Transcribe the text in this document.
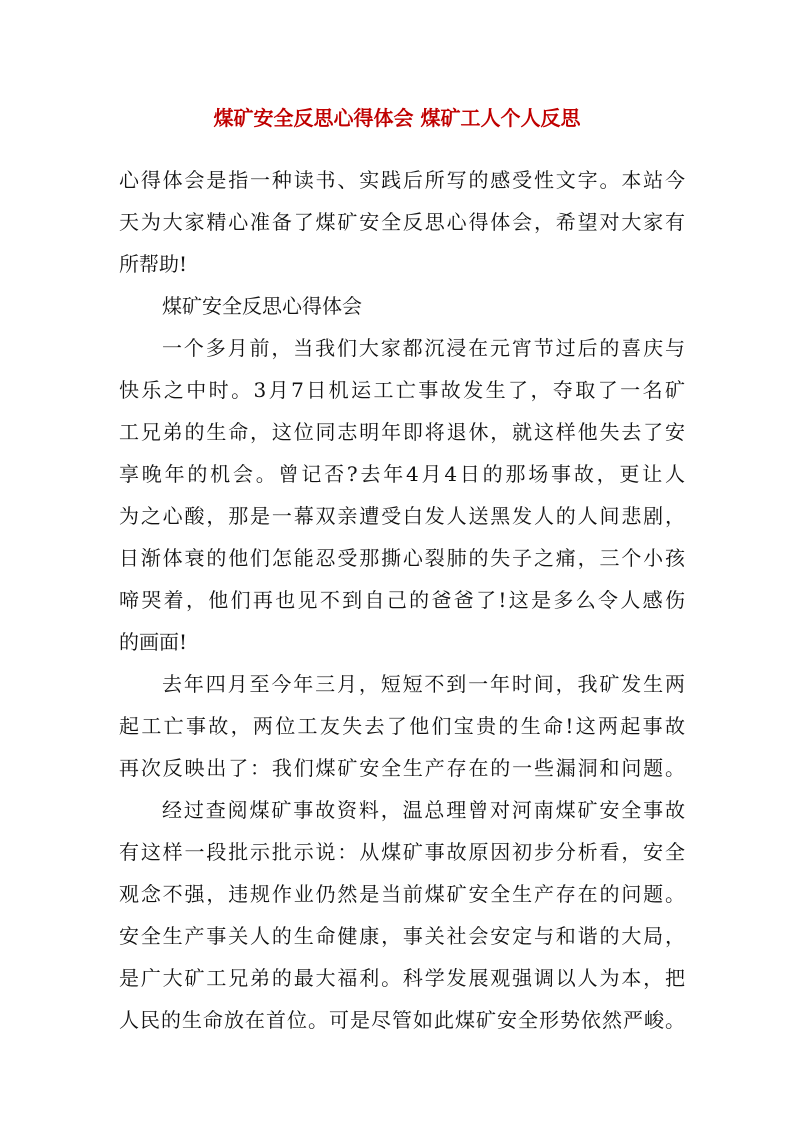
煤矿安全反思心得体会 煤矿工人个人反思

心得体会是指一种读书、实践后所写的感受性文字。本站今

天为大家精心准备了煤矿安全反思心得体会，希望对大家有

所帮助!

煤矿安全反思心得体会

一个多月前，当我们大家都沉浸在元宵节过后的喜庆与

快乐之中时。3月7日机运工亡事故发生了，夺取了一名矿

工兄弟的生命，这位同志明年即将退休，就这样他失去了安

享晚年的机会。曾记否?去年4月4日的那场事故，更让人

为之心酸，那是一幕双亲遭受白发人送黑发人的人间悲剧，

日渐体衰的他们怎能忍受那撕心裂肺的失子之痛，三个小孩

啼哭着，他们再也见不到自己的爸爸了!这是多么令人感伤

的画面!

去年四月至今年三月，短短不到一年时间，我矿发生两

起工亡事故，两位工友失去了他们宝贵的生命!这两起事故

再次反映出了：我们煤矿安全生产存在的一些漏洞和问题。

经过查阅煤矿事故资料，温总理曾对河南煤矿安全事故

有这样一段批示批示说：从煤矿事故原因初步分析看，安全

观念不强，违规作业仍然是当前煤矿安全生产存在的问题。

安全生产事关人的生命健康，事关社会安定与和谐的大局，

是广大矿工兄弟的最大福利。科学发展观强调以人为本，把

人民的生命放在首位。可是尽管如此煤矿安全形势依然严峻。
